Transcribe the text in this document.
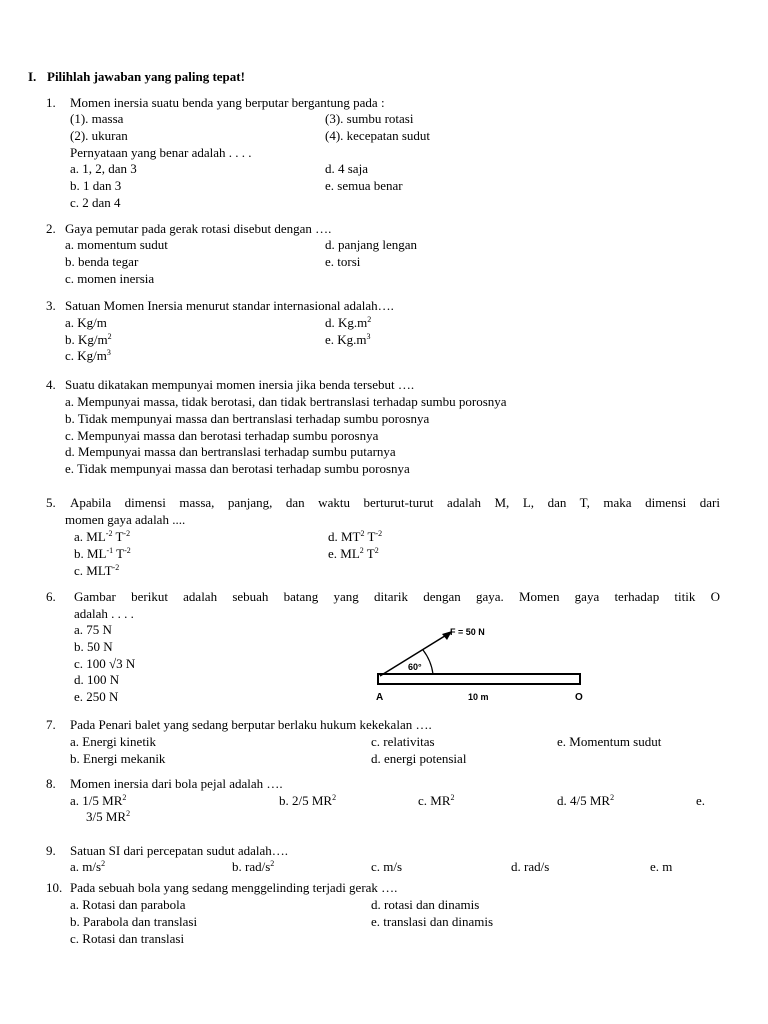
I. Pilihlah jawaban yang paling tepat!
1. Momen inersia suatu benda yang berputar bergantung pada :
(1). massa	(3). sumbu rotasi
(2). ukuran	(4). kecepatan sudut
Pernyataan yang benar adalah . . . .
a. 1, 2, dan 3	d. 4 saja
b. 1 dan 3	e. semua benar
c. 2 dan 4
2. Gaya pemutar pada gerak rotasi disebut dengan ….
a. momentum sudut	d. panjang lengan
b. benda tegar	e. torsi
c. momen inersia
3. Satuan Momen Inersia menurut standar internasional adalah….
a. Kg/m	d. $Kg.m^2$
b. $Kg/m^2$	e. $Kg.m^3$
c. $Kg/m^3$
4. Suatu dikatakan mempunyai momen inersia jika benda tersebut ….
a. Mempunyai massa, tidak berotasi, dan tidak bertranslasi terhadap sumbu porosnya
b. Tidak mempunyai massa dan bertranslasi terhadap sumbu porosnya
c. Mempunyai massa dan berotasi terhadap sumbu porosnya
d. Mempunyai massa dan bertranslasi terhadap sumbu putarnya
e. Tidak mempunyai massa dan berotasi terhadap sumbu porosnya
5. Apabila dimensi massa, panjang, dan waktu berturut-turut adalah M, L, dan T, maka dimensi dari
momen gaya adalah ....
a. $ML^{-2}$ $T^{-2}$	d. $MT^2$ $T^{-2}$
b. $ML^{-1}$ $T^{-2}$	e. $ML^2$ $T^2$
c. $MLT^{-2}$
6. Gambar berikut adalah sebuah batang yang ditarik dengan gaya. Momen gaya terhadap titik O
adalah . . . .
a. 75 N
b. 50 N
c. 100 √3 N
d. 100 N
e. 250 N
60°
F = 50 N
A	10 m	O
7. Pada Penari balet yang sedang berputar berlaku hukum kekekalan ….
a. Energi kinetik	c. relativitas	e. Momentum sudut
b. Energi mekanik	d. energi potensial
8. Momen inersia dari bola pejal adalah ….
a. 1/5 $MR^2$	b. 2/5 $MR^2$	c. $MR^2$	d. 4/5 $MR^2$	e.
3/5 $MR^2$
9. Satuan SI dari percepatan sudut adalah….
a. $m/s^2$	b. rad/$s^2$	c. m/s	d. rad/s	e. m
10. Pada sebuah bola yang sedang menggelinding terjadi gerak ….
a. Rotasi dan parabola	d. rotasi dan dinamis
b. Parabola dan translasi	e. translasi dan dinamis
c. Rotasi dan translasi
